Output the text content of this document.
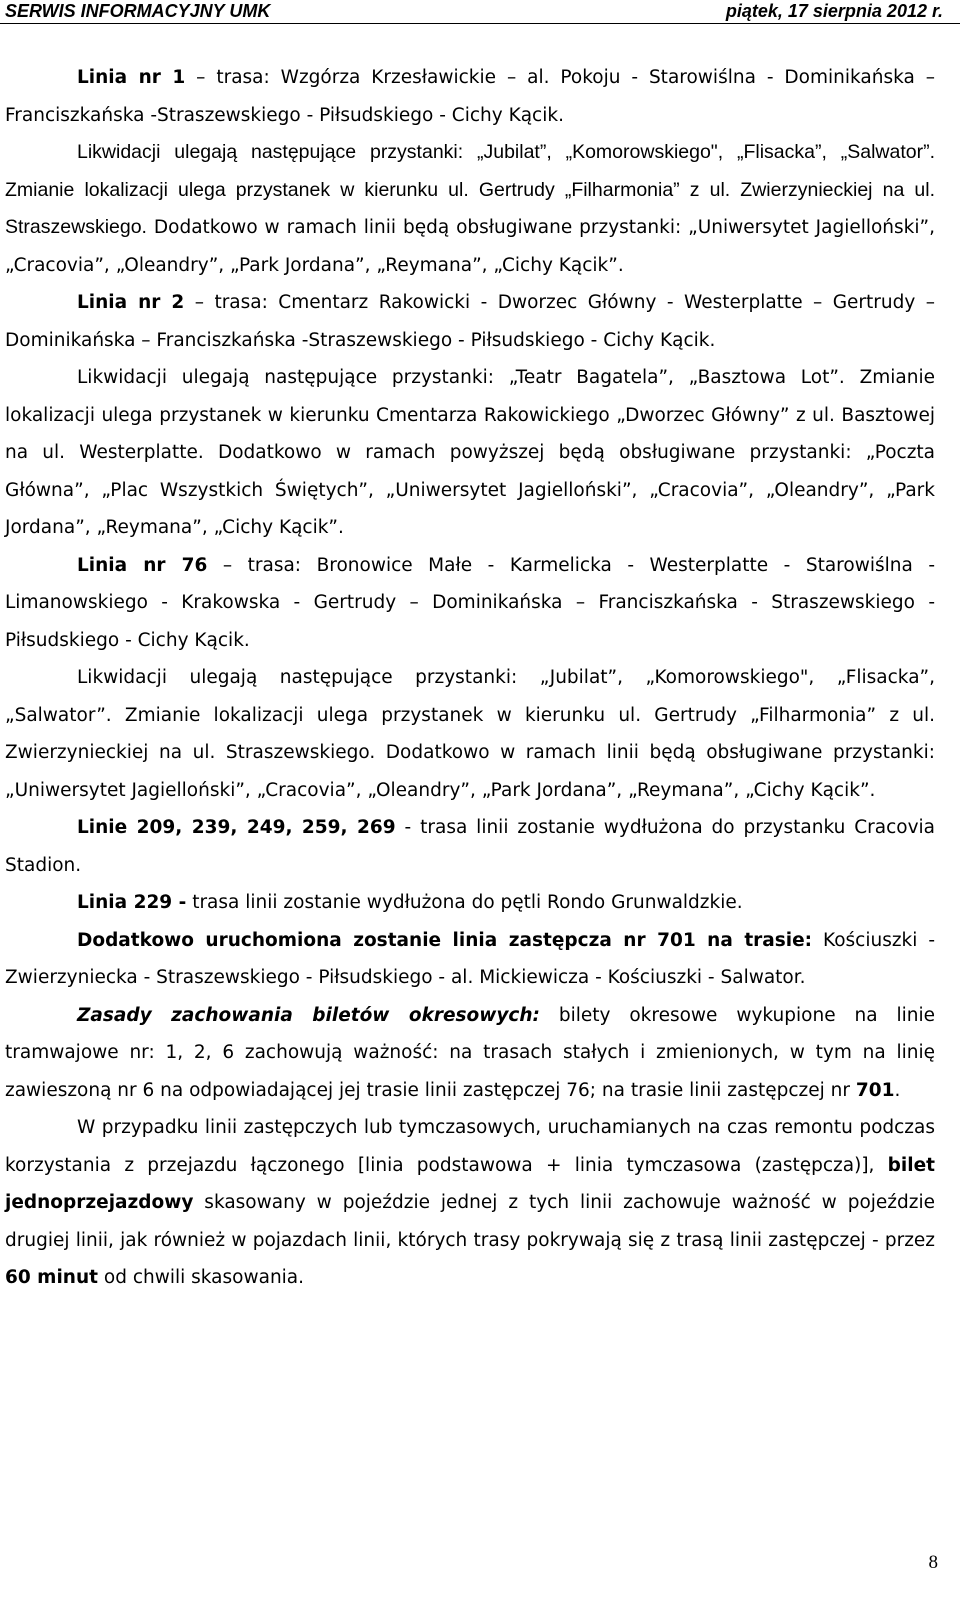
SERWIS INFORMACYJNY UMK	piątek, 17 sierpnia 2012 r.

Linia nr 1 – trasa: Wzgórza Krzesławickie – al. Pokoju - Starowiślna - Dominikańska – Franciszkańska -Straszewskiego - Piłsudskiego - Cichy Kącik.

Likwidacji ulegają następujące przystanki: „Jubilat”, „Komorowskiego", „Flisacka”, „Salwator”. Zmianie lokalizacji ulega przystanek w kierunku ul. Gertrudy „Filharmonia” z ul. Zwierzynieckiej na ul. Straszewskiego. Dodatkowo w ramach linii będą obsługiwane przystanki: „Uniwersytet Jagielloński”, „Cracovia”, „Oleandry”, „Park Jordana”, „Reymana”, „Cichy Kącik”.

Linia nr 2 – trasa: Cmentarz Rakowicki - Dworzec Główny - Westerplatte – Gertrudy – Dominikańska – Franciszkańska -Straszewskiego - Piłsudskiego - Cichy Kącik.

Likwidacji ulegają następujące przystanki: „Teatr Bagatela”, „Basztowa Lot”. Zmianie lokalizacji ulega przystanek w kierunku Cmentarza Rakowickiego „Dworzec Główny” z ul. Basztowej na ul. Westerplatte. Dodatkowo w ramach powyższej będą obsługiwane przystanki: „Poczta Główna”, „Plac Wszystkich Świętych”, „Uniwersytet Jagielloński”, „Cracovia”, „Oleandry”, „Park Jordana”, „Reymana”, „Cichy Kącik”.

Linia nr 76 – trasa: Bronowice Małe - Karmelicka - Westerplatte - Starowiślna - Limanowskiego - Krakowska - Gertrudy – Dominikańska – Franciszkańska - Straszewskiego - Piłsudskiego - Cichy Kącik.

Likwidacji ulegają następujące przystanki: „Jubilat”, „Komorowskiego", „Flisacka”, „Salwator”. Zmianie lokalizacji ulega przystanek w kierunku ul. Gertrudy „Filharmonia” z ul. Zwierzynieckiej na ul. Straszewskiego. Dodatkowo w ramach linii będą obsługiwane przystanki: „Uniwersytet Jagielloński”, „Cracovia”, „Oleandry”, „Park Jordana”, „Reymana”, „Cichy Kącik”.

Linie 209, 239, 249, 259, 269 - trasa linii zostanie wydłużona do przystanku Cracovia Stadion.

Linia 229 - trasa linii zostanie wydłużona do pętli Rondo Grunwaldzkie.

Dodatkowo uruchomiona zostanie linia zastępcza nr 701 na trasie: Kościuszki - Zwierzyniecka - Straszewskiego - Piłsudskiego - al. Mickiewicza - Kościuszki - Salwator.

Zasady zachowania biletów okresowych: bilety okresowe wykupione na linie tramwajowe nr: 1, 2, 6 zachowują ważność: na trasach stałych i zmienionych, w tym na linię zawieszoną nr 6 na odpowiadającej jej trasie linii zastępczej 76; na trasie linii zastępczej nr 701.

W przypadku linii zastępczych lub tymczasowych, uruchamianych na czas remontu podczas korzystania z przejazdu łączonego [linia podstawowa + linia tymczasowa (zastępcza)], bilet jednoprzejazdowy skasowany w pojeździe jednej z tych linii zachowuje ważność w pojeździe drugiej linii, jak również w pojazdach linii, których trasy pokrywają się z trasą linii zastępczej - przez 60 minut od chwili skasowania.

8
